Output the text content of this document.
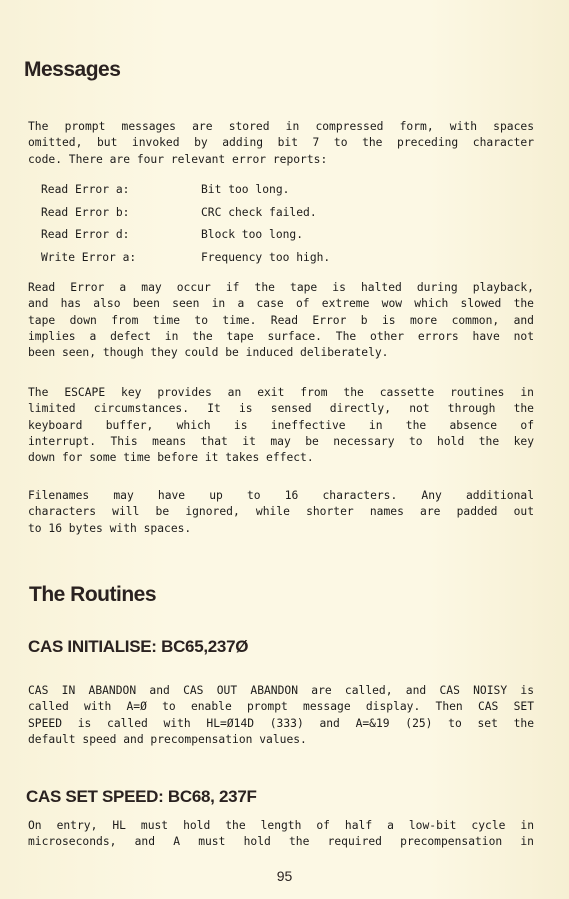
Messages
The prompt messages are stored in compressed form, with spaces
omitted, but invoked by adding bit 7 to the preceding character
code. There are four relevant error reports:
Read Error a:	Bit too long.
Read Error b:	CRC check failed.
Read Error d:	Block too long.
Write Error a:	Frequency too high.
Read Error a may occur if the tape is halted during playback,
and has also been seen in a case of extreme wow which slowed the
tape down from time to time. Read Error b is more common, and
implies a defect in the tape surface. The other errors have not
been seen, though they could be induced deliberately.
The ESCAPE key provides an exit from the cassette routines in
limited circumstances. It is sensed directly, not through the
keyboard buffer, which is ineffective in the absence of
interrupt. This means that it may be necessary to hold the key
down for some time before it takes effect.
Filenames may have up to 16 characters. Any additional
characters will be ignored, while shorter names are padded out
to 16 bytes with spaces.
The Routines
CAS INITIALISE: BC65,237Ø
CAS IN ABANDON and CAS OUT ABANDON are called, and CAS NOISY is
called with A=Ø to enable prompt message display. Then CAS SET
SPEED is called with HL=Ø14D (333) and A=&19 (25) to set the
default speed and precompensation values.
CAS SET SPEED: BC68, 237F
On entry, HL must hold the length of half a low-bit cycle in
microseconds, and A must hold the required precompensation in
95
